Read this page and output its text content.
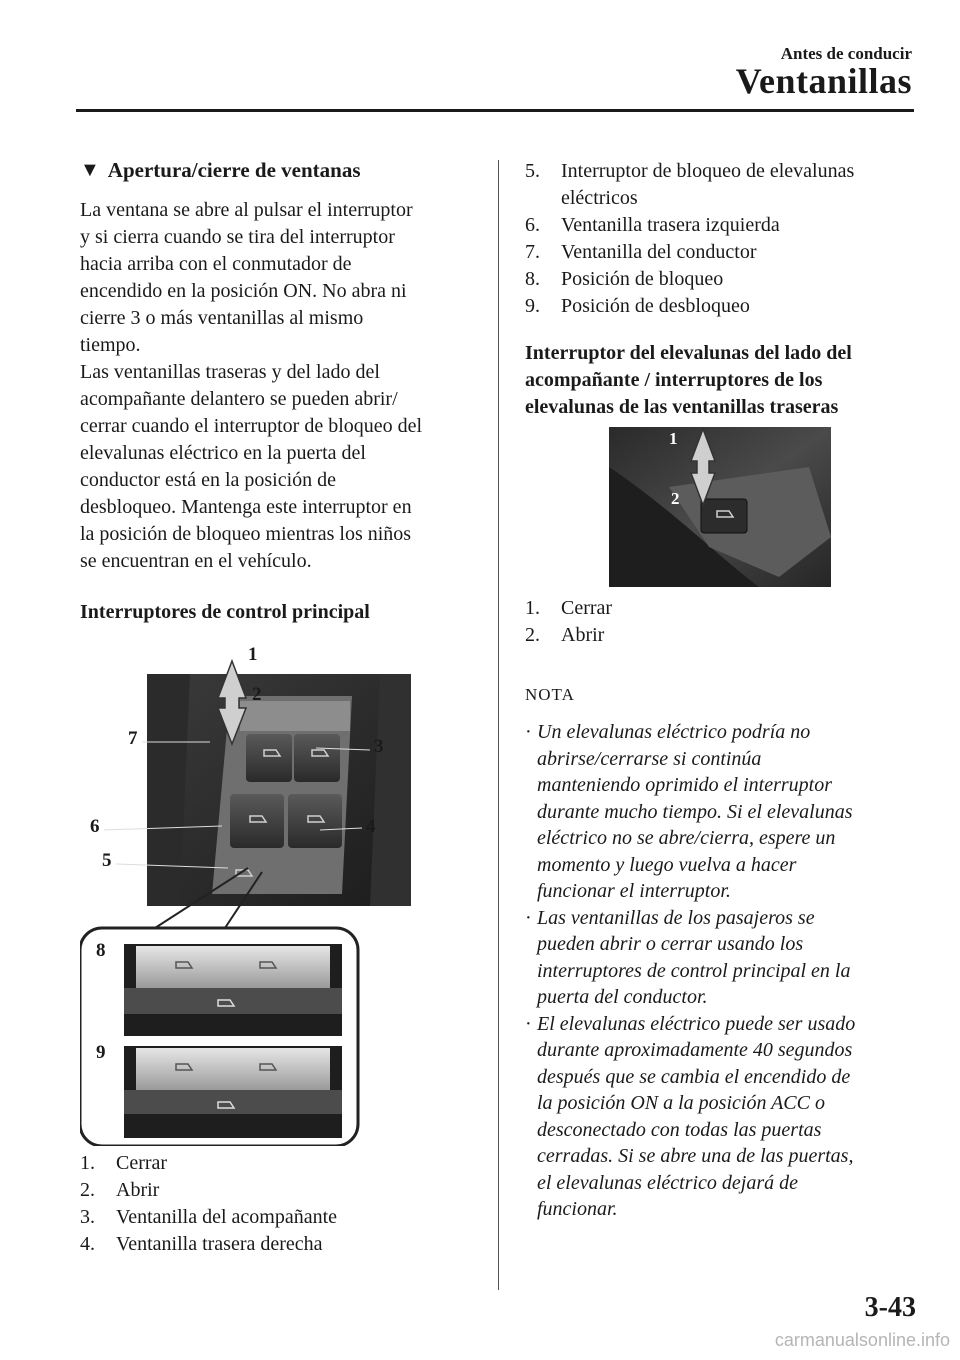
Antes de conducir
Ventanillas
▼ Apertura/cierre de ventanas

La ventana se abre al pulsar el interruptor
y si cierra cuando se tira del interruptor
hacia arriba con el conmutador de
encendido en la posición ON. No abra ni
cierre 3 o más ventanillas al mismo
tiempo.

Las ventanillas traseras y del lado del
acompañante delantero se pueden abrir/
cerrar cuando el interruptor de bloqueo del
elevalunas eléctrico en la puerta del
conductor está en la posición de
desbloqueo. Mantenga este interruptor en
la posición de bloqueo mientras los niños
se encuentran en el vehículo.

Interruptores de control principal

1
2
3
4
5
6
7
8
9
1.	Cerrar
2.	Abrir
3.	Ventanilla del acompañante
4.	Ventanilla trasera derecha
5.	Interruptor de bloqueo de elevalunas
eléctricos
6.	Ventanilla trasera izquierda
7.	Ventanilla del conductor
8.	Posición de bloqueo
9.	Posición de desbloqueo

Interruptor del elevalunas del lado del
acompañante / interruptores de los
elevalunas de las ventanillas traseras

1
2
1.	Cerrar
2.	Abrir

NOTA

· Un elevalunas eléctrico podría no
abrirse/cerrarse si continúa
manteniendo oprimido el interruptor
durante mucho tiempo. Si el elevalunas
eléctrico no se abre/cierra, espere un
momento y luego vuelva a hacer
funcionar el interruptor.
· Las ventanillas de los pasajeros se
pueden abrir o cerrar usando los
interruptores de control principal en la
puerta del conductor.
· El elevalunas eléctrico puede ser usado
durante aproximadamente 40 segundos
después que se cambia el encendido de
la posición ON a la posición ACC o
desconectado con todas las puertas
cerradas. Si se abre una de las puertas,
el elevalunas eléctrico dejará de
funcionar.
3-43
carmanualsonline.info
